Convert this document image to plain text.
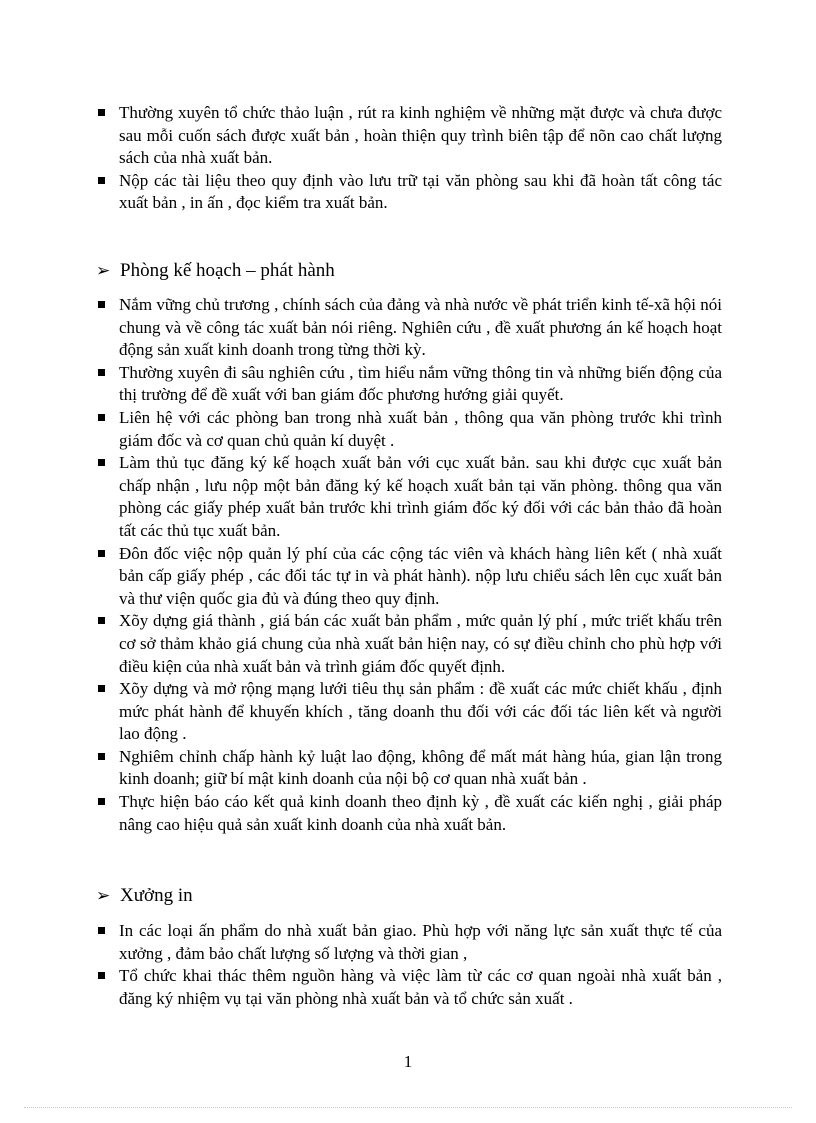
Thường xuyên tổ chức thảo luận , rút ra kinh nghiệm về những mặt được và chưa được sau mỗi cuốn sách được xuất bản , hoàn thiện quy trình biên tập để nõn cao chất lượng sách của nhà xuất bản.
Nộp các tài liệu theo quy định vào lưu trữ tại văn phòng sau khi đã hoàn tất công tác xuất bản , in ấn , đọc kiểm tra xuất bản.
➢ Phòng kế hoạch – phát hành
Nắm vững chủ trương , chính sách của đảng và nhà nước về phát triển kinh tế-xã hội nói chung và về công tác xuất bản nói riêng. Nghiên cứu , đề xuất phương án kế hoạch hoạt động sản xuất kinh doanh trong từng thời kỳ.
Thường xuyên đi sâu nghiên cứu , tìm hiểu nắm vững thông tin và những biến động của thị trường để đề xuất với ban giám đốc phương hướng giải quyết.
Liên hệ với các phòng ban trong nhà xuất bản , thông qua văn phòng trước khi trình giám đốc và cơ quan chủ quản kí duyệt .
Làm thủ tục đăng ký kế hoạch xuất bản với cục xuất bản. sau khi được cục xuất bản chấp nhận , lưu nộp một bản đăng ký kế hoạch xuất bản tại văn phòng. thông qua văn phòng các giấy phép xuất bản trước khi trình giám đốc ký đối với các bản thảo đã hoàn tất các thủ tục xuất bản.
Đôn đốc việc nộp quản lý phí của các cộng tác viên và khách hàng liên kết ( nhà xuất bản cấp giấy phép , các đối tác tự in và phát hành). nộp lưu chiểu sách lên cục xuất bản và thư viện quốc gia đủ và đúng theo quy định.
Xõy dựng giá thành , giá bán các xuất bản phẩm , mức quản lý phí , mức triết khấu trên cơ sở thảm khảo giá chung của nhà xuất bản hiện nay, có sự điều chỉnh cho phù hợp với điều kiện của nhà xuất bản và trình giám đốc quyết định.
Xõy dựng và mở rộng mạng lưới tiêu thụ sản phẩm : đề xuất các mức chiết khấu , định mức phát hành để khuyến khích , tăng doanh thu đối với các đối tác liên kết và người lao động .
Nghiêm chỉnh chấp hành kỷ luật lao động, không để mất mát hàng húa, gian lận trong kinh doanh; giữ bí mật kinh doanh của nội bộ cơ quan nhà xuất bản .
Thực hiện báo cáo kết quả kinh doanh theo định kỳ , đề xuất các kiến nghị , giải pháp nâng cao hiệu quả sản xuất kinh doanh của nhà xuất bản.
➢ Xưởng in
In các loại ấn phẩm do nhà xuất bản giao. Phù hợp với năng lực sản xuất thực tế của xưởng , đảm bảo chất lượng số lượng và thời gian ,
Tổ chức khai thác thêm nguồn hàng và việc làm từ các cơ quan ngoài nhà xuất bản , đăng ký nhiệm vụ tại văn phòng nhà xuất bản và tổ chức sản xuất .
1
